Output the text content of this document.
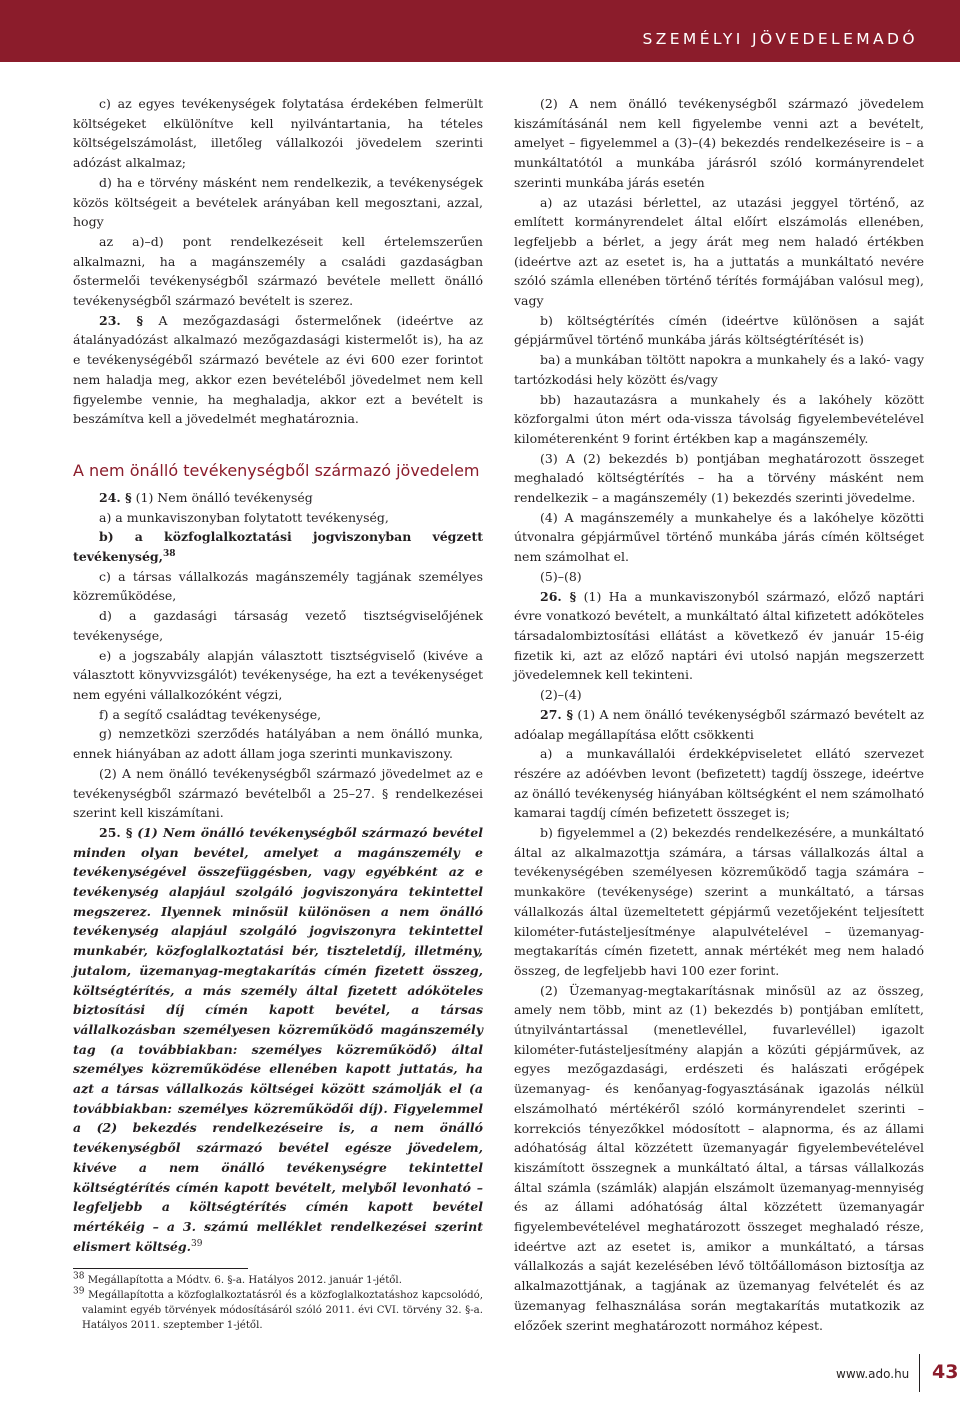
SZEMÉLYI JÖVEDELEMADÓ

c) az egyes tevékenységek folytatása érdekében felmerült költségeket elkülönítve kell nyilvántartania, ha tételes költségelszámolást, illetőleg vállalkozói jövedelem szerinti adózást alkalmaz;

d) ha e törvény másként nem rendelkezik, a tevékenységek közös költségeit a bevételek arányában kell megosztani, azzal, hogy

az a)–d) pont rendelkezéseit kell értelemszerűen alkalmazni, ha a magánszemély a családi gazdaságban őstermelői tevékenységből származó bevétele mellett önálló tevékenységből származó bevételt is szerez.

23. § A mezőgazdasági őstermelőnek (ideértve az átalányadózást alkalmazó mezőgazdasági kistermelőt is), ha az e tevékenységéből származó bevétele az évi 600 ezer forintot nem haladja meg, akkor ezen bevételéből jövedelmet nem kell figyelembe vennie, ha meghaladja, akkor ezt a bevételt is beszámítva kell a jövedelmét meghatároznia.

A nem önálló tevékenységből származó jövedelem

24. § (1) Nem önálló tevékenység

a) a munkaviszonyban folytatott tevékenység,

b) a közfoglalkoztatási jogviszonyban végzett tevékenység,$^{38}$

c) a társas vállalkozás magánszemély tagjának személyes közreműködése,

d) a gazdasági társaság vezető tisztségviselőjének tevékenysége,

e) a jogszabály alapján választott tisztségviselő (kivéve a választott könyvvizsgálót) tevékenysége, ha ezt a tevékenységet nem egyéni vállalkozóként végzi,

f) a segítő családtag tevékenysége,

g) nemzetközi szerződés hatályában a nem önálló munka, ennek hiányában az adott állam joga szerinti munkaviszony.

(2) A nem önálló tevékenységből származó jövedelmet az e tevékenységből származó bevételből a 25–27. § rendelkezései szerint kell kiszámítani.

25. § (1) Nem önálló tevékenységből származó bevétel minden olyan bevétel, amelyet a magánszemély e tevékenységével összefüggésben, vagy egyébként az e tevékenység alapjául szolgáló jogviszonyára tekintettel megszerez. Ilyennek minősül különösen a nem önálló tevékenység alapjául szolgáló jogviszonyra tekintettel munkabér, közfoglalkoztatási bér, tiszteletdíj, illetmény, jutalom, üzemanyag-megtakarítás címén fizetett összeg, költségtérítés, a más személy által fizetett adóköteles biztosítási díj címén kapott bevétel, a társas vállalkozásban személyesen közreműködő magánszemély tag (a továbbiakban: személyes közreműködő) által személyes közreműködése ellenében kapott juttatás, ha azt a társas vállalkozás költségei között számolják el (a továbbiakban: személyes közreműködői díj). Figyelemmel a (2) bekezdés rendelkezéseire is, a nem önálló tevékenységből származó bevétel egésze jövedelem, kivéve a nem önálló tevékenységre tekintettel költségtérítés címén kapott bevételt, melyből levonható – legfeljebb a költségtérítés címén kapott bevétel mértékéig – a 3. számú melléklet rendelkezései szerint elismert költség.$^{39}$

$^{38}$ Megállapította a Módtv. 6. §-a. Hatályos 2012. január 1-jétől.

$^{39}$ Megállapította a közfoglalkoztatásról és a közfoglalkoztatáshoz kapcsolódó, valamint egyéb törvények módosításáról szóló 2011. évi CVI. törvény 32. §-a. Hatályos 2011. szeptember 1-jétől.

(2) A nem önálló tevékenységből származó jövedelem kiszámításánál nem kell figyelembe venni azt a bevételt, amelyet – figyelemmel a (3)–(4) bekezdés rendelkezéseire is – a munkáltatótól a munkába járásról szóló kormányrendelet szerinti munkába járás esetén

a) az utazási bérlettel, az utazási jeggyel történő, az említett kormányrendelet által előírt elszámolás ellenében, legfeljebb a bérlet, a jegy árát meg nem haladó értékben (ideértve azt az esetet is, ha a juttatás a munkáltató nevére szóló számla ellenében történő térítés formájában valósul meg), vagy

b) költségtérítés címén (ideértve különösen a saját gépjárművel történő munkába járás költségtérítését is)

ba) a munkában töltött napokra a munkahely és a lakó- vagy tartózkodási hely között és/vagy

bb) hazautazásra a munkahely és a lakóhely között közforgalmi úton mért oda-vissza távolság figyelembevételével kilométerenként 9 forint értékben kap a magánszemély.

(3) A (2) bekezdés b) pontjában meghatározott összeget meghaladó költségtérítés – ha a törvény másként nem rendelkezik – a magánszemély (1) bekezdés szerinti jövedelme.

(4) A magánszemély a munkahelye és a lakóhelye közötti útvonalra gépjárművel történő munkába járás címén költséget nem számolhat el.

(5)–(8)

26. § (1) Ha a munkaviszonyból származó, előző naptári évre vonatkozó bevételt, a munkáltató által kifizetett adóköteles társadalombiztosítási ellátást a következő év január 15-éig fizetik ki, azt az előző naptári évi utolsó napján megszerzett jövedelemnek kell tekinteni.

(2)–(4)

27. § (1) A nem önálló tevékenységből származó bevételt az adóalap megállapítása előtt csökkenti

a) a munkavállalói érdekképviseletet ellátó szervezet részére az adóévben levont (befizetett) tagdíj összege, ideértve az önálló tevékenység hiányában költségként el nem számolható kamarai tagdíj címén befizetett összeget is;

b) figyelemmel a (2) bekezdés rendelkezésére, a munkáltató által az alkalmazottja számára, a társas vállalkozás által a tevékenységében személyesen közreműködő tagja számára – munkaköre (tevékenysége) szerint a munkáltató, a társas vállalkozás által üzemeltetett gépjármű vezetőjeként teljesített kilométer-futásteljesítménye alapulvételével – üzemanyag-megtakarítás címén fizetett, annak mértékét meg nem haladó összeg, de legfeljebb havi 100 ezer forint.

(2) Üzemanyag-megtakarításnak minősül az az összeg, amely nem több, mint az (1) bekezdés b) pontjában említett, útnyilvántartással (menetlevéllel, fuvarlevéllel) igazolt kilométer-futásteljesítmény alapján a közúti gépjárművek, az egyes mezőgazdasági, erdészeti és halászati erőgépek üzemanyag- és kenőanyag-fogyasztásának igazolás nélkül elszámolható mértékéről szóló kormányrendelet szerinti – korrekciós tényezőkkel módosított – alapnorma, és az állami adóhatóság által közzétett üzemanyagár figyelembevételével kiszámított összegnek a munkáltató által, a társas vállalkozás által számla (számlák) alapján elszámolt üzemanyag-mennyiség és az állami adóhatóság által közzétett üzemanyagár figyelembevételével meghatározott összeget meghaladó része, ideértve azt az esetet is, amikor a munkáltató, a társas vállalkozás a saját kezelésében lévő töltőállomáson biztosítja az alkalmazottjának, a tagjának az üzemanyag felvételét és az üzemanyag felhasználása során megtakarítás mutatkozik az előzőek szerint meghatározott normához képest.

www.ado.hu 43
